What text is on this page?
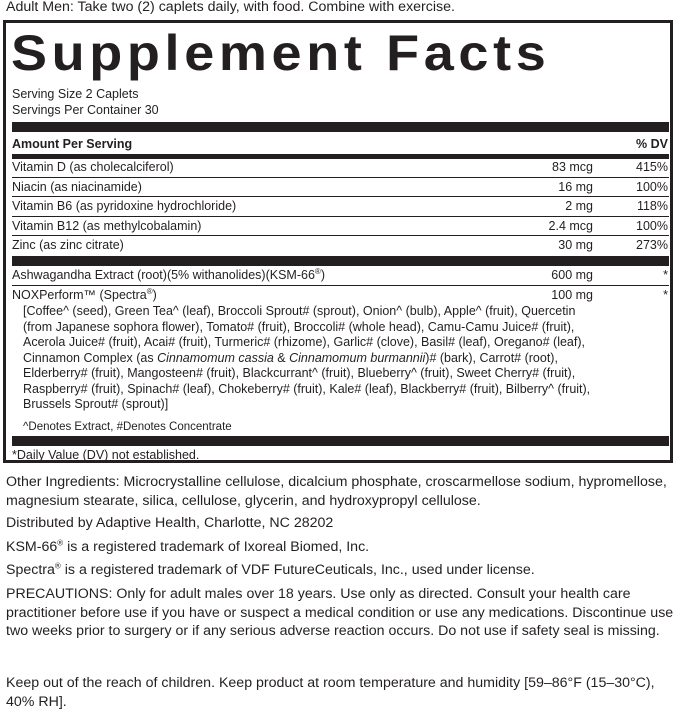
Adult Men: Take two (2) caplets daily, with food. Combine with exercise.
Supplement Facts
Serving Size 2 Caplets
Servings Per Container 30
Amount Per Serving	% DV
Vitamin D (as cholecalciferol)	83 mcg	415%
Niacin (as niacinamide)	16 mg	100%
Vitamin B6 (as pyridoxine hydrochloride)	2 mg	118%
Vitamin B12 (as methylcobalamin)	2.4 mcg	100%
Zinc (as zinc citrate)	30 mg	273%
Ashwagandha Extract (root)(5% withanolides)(KSM-66®)	600 mg	*
NOXPerform™ (Spectra®)	100 mg	*
[Coffee^ (seed), Green Tea^ (leaf), Broccoli Sprout# (sprout), Onion^ (bulb), Apple^ (fruit), Quercetin (from Japanese sophora flower), Tomato# (fruit), Broccoli# (whole head), Camu-Camu Juice# (fruit), Acerola Juice# (fruit), Acai# (fruit), Turmeric# (rhizome), Garlic# (clove), Basil# (leaf), Oregano# (leaf), Cinnamon Complex (as Cinnamomum cassia & Cinnamomum burmannii)# (bark), Carrot# (root), Elderberry# (fruit), Mangosteen# (fruit), Blackcurrant^ (fruit), Blueberry^ (fruit), Sweet Cherry# (fruit), Raspberry# (fruit), Spinach# (leaf), Chokeberry# (fruit), Kale# (leaf), Blackberry# (fruit), Bilberry^ (fruit), Brussels Sprout# (sprout)]
^Denotes Extract, #Denotes Concentrate
*Daily Value (DV) not established.
Other Ingredients: Microcrystalline cellulose, dicalcium phosphate, croscarmellose sodium, hypromellose, magnesium stearate, silica, cellulose, glycerin, and hydroxypropyl cellulose.
Distributed by Adaptive Health, Charlotte, NC 28202
KSM-66® is a registered trademark of Ixoreal Biomed, Inc.
Spectra® is a registered trademark of VDF FutureCeuticals, Inc., used under license.
PRECAUTIONS: Only for adult males over 18 years. Use only as directed. Consult your health care practitioner before use if you have or suspect a medical condition or use any medications. Discontinue use two weeks prior to surgery or if any serious adverse reaction occurs. Do not use if safety seal is missing.
Keep out of the reach of children. Keep product at room temperature and humidity [59–86°F (15–30°C), 40% RH].
